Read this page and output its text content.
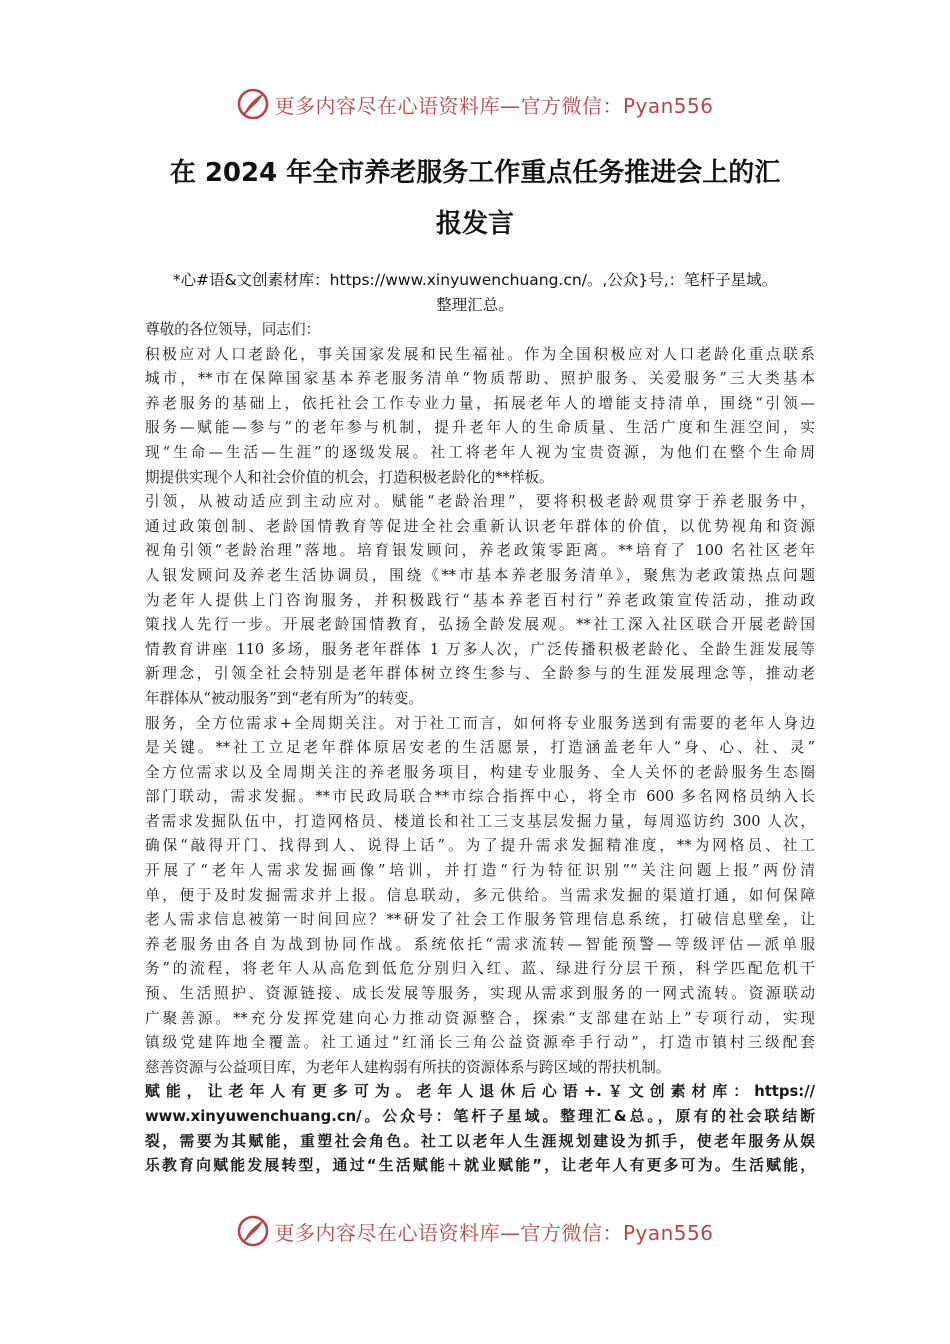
更多内容尽在心语资料库—官方微信：Pyan556
在 2024 年全市养老服务工作重点任务推进会上的汇
报发言
*心#语&文创素材库：https://www.xinyuwenchuang.cn/。,公众}号,：笔杆子星域。
整理汇总。
尊敬的各位领导，同志们：
积极应对人口老龄化，事关国家发展和民生福祉。作为全国积极应对人口老龄化重点联系
城市，**市在保障国家基本养老服务清单“物质帮助、照护服务、关爱服务”三大类基本
养老服务的基础上，依托社会工作专业力量，拓展老年人的增能支持清单，围绕“引领—
服务—赋能—参与”的老年参与机制，提升老年人的生命质量、生活广度和生涯空间，实
现“生命—生活—生涯”的逐级发展。社工将老年人视为宝贵资源，为他们在整个生命周
期提供实现个人和社会价值的机会，打造积极老龄化的**样板。
引领，从被动适应到主动应对。赋能“老龄治理”，要将积极老龄观贯穿于养老服务中，
通过政策创制、老龄国情教育等促进全社会重新认识老年群体的价值，以优势视角和资源
视角引领“老龄治理”落地。培育银发顾问，养老政策零距离。**培育了 100 名社区老年
人银发顾问及养老生活协调员，围绕《**市基本养老服务清单》，聚焦为老政策热点问题
为老年人提供上门咨询服务，并积极践行“基本养老百村行”养老政策宣传活动，推动政
策找人先行一步。开展老龄国情教育，弘扬全龄发展观。**社工深入社区联合开展老龄国
情教育讲座 110 多场，服务老年群体 1 万多人次，广泛传播积极老龄化、全龄生涯发展等
新理念，引领全社会特别是老年群体树立终生参与、全龄参与的生涯发展理念等，推动老
年群体从“被动服务”到“老有所为”的转变。
服务，全方位需求+全周期关注。对于社工而言，如何将专业服务送到有需要的老年人身边
是关键。**社工立足老年群体原居安老的生活愿景，打造涵盖老年人“身、心、社、灵”
全方位需求以及全周期关注的养老服务项目，构建专业服务、全人关怀的老龄服务生态圈
部门联动，需求发掘。**市民政局联合**市综合指挥中心，将全市 600 多名网格员纳入长
者需求发掘队伍中，打造网格员、楼道长和社工三支基层发掘力量，每周巡访约 300 人次，
确保“敲得开门、找得到人、说得上话”。为了提升需求发掘精准度，**为网格员、社工
开展了“老年人需求发掘画像”培训，并打造“行为特征识别”“关注问题上报”两份清
单，便于及时发掘需求并上报。信息联动，多元供给。当需求发掘的渠道打通，如何保障
老人需求信息被第一时间回应？**研发了社会工作服务管理信息系统，打破信息壁垒，让
养老服务由各自为战到协同作战。系统依托“需求流转—智能预警—等级评估—派单服
务”的流程，将老年人从高危到低危分别归入红、蓝、绿进行分层干预，科学匹配危机干
预、生活照护、资源链接、成长发展等服务，实现从需求到服务的一网式流转。资源联动
广聚善源。**充分发挥党建向心力推动资源整合，探索“支部建在站上”专项行动，实现
镇级党建阵地全覆盖。社工通过“红涌长三角公益资源牵手行动”，打造市镇村三级配套
慈善资源与公益项目库，为老年人建构弱有所扶的资源体系与跨区域的帮扶机制。
赋能，让老年人有更多可为。老年人退休后心语+.￥文创素材库：https://
www.xinyuwenchuang.cn/。公众号：笔杆子星域。整理汇&总。，原有的社会联结断
裂，需要为其赋能，重塑社会角色。社工以老年人生涯规划建设为抓手，使老年服务从娱
乐教育向赋能发展转型，通过“生活赋能＋就业赋能”，让老年人有更多可为。生活赋能，
更多内容尽在心语资料库—官方微信：Pyan556
